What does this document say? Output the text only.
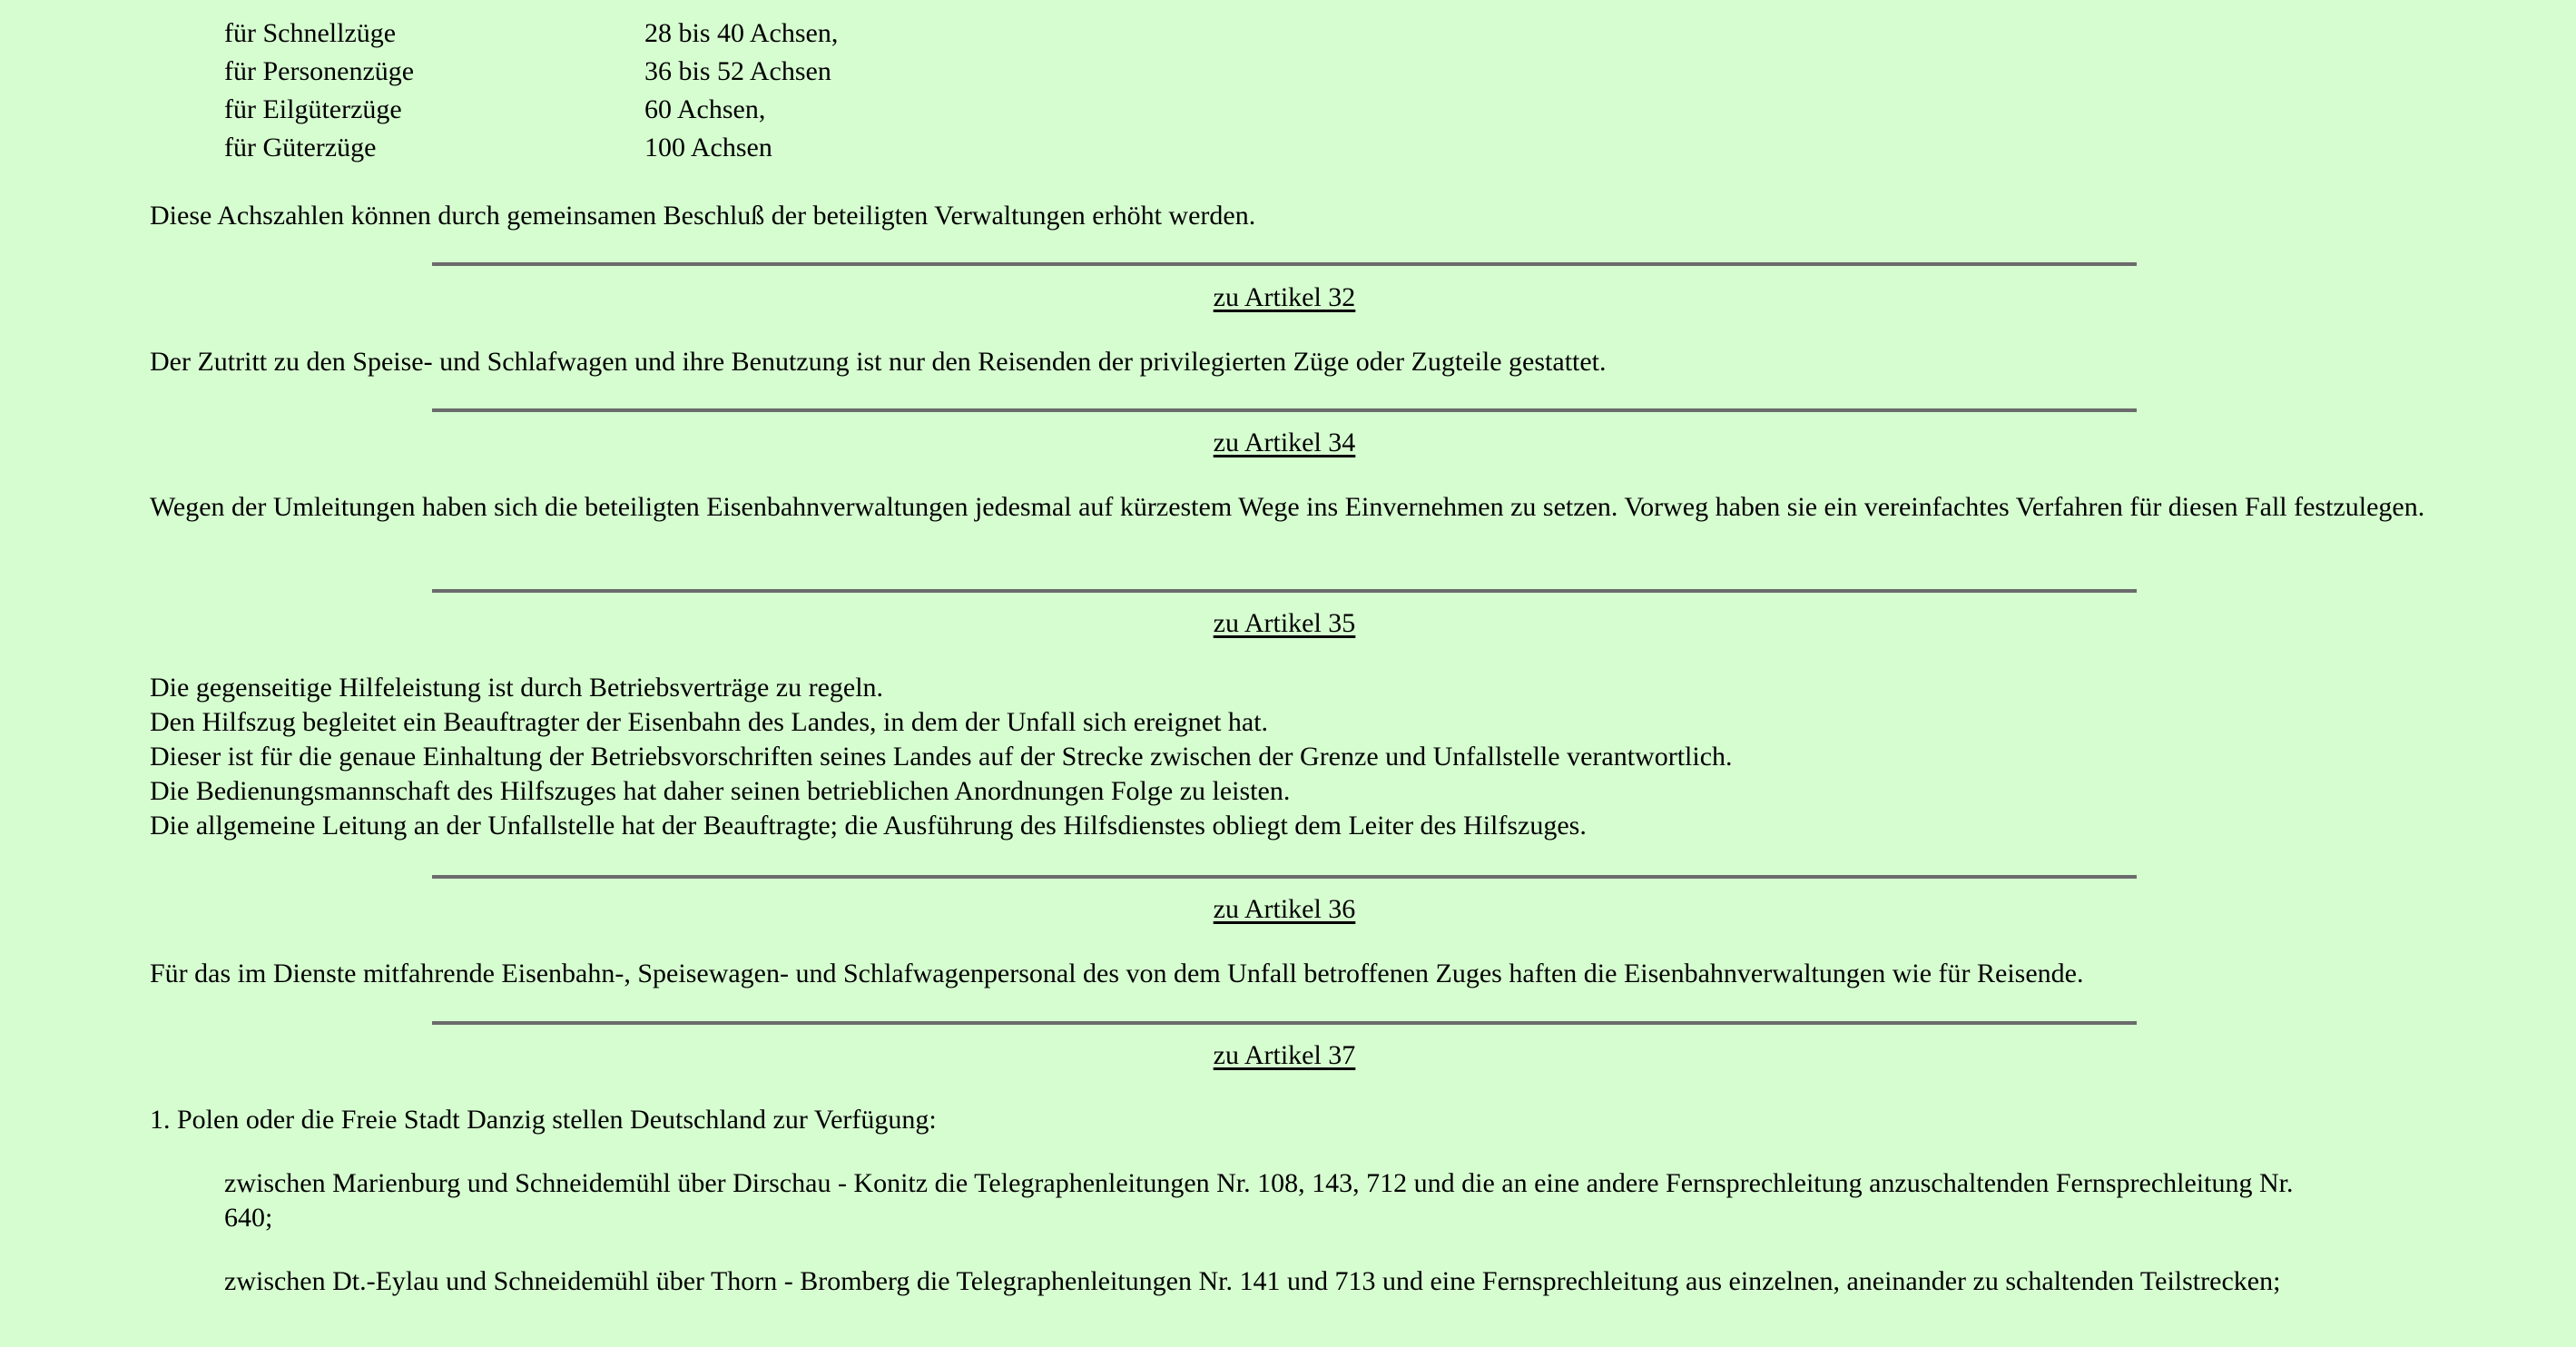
für Schnellzüge	28 bis 40 Achsen,
für Personenzüge	36 bis 52 Achsen
für Eilgüterzüge	60 Achsen,
für Güterzüge	100 Achsen

Diese Achszahlen können durch gemeinsamen Beschluß der beteiligten Verwaltungen erhöht werden.

zu Artikel 32

Der Zutritt zu den Speise- und Schlafwagen und ihre Benutzung ist nur den Reisenden der privilegierten Züge oder Zugteile gestattet.

zu Artikel 34

Wegen der Umleitungen haben sich die beteiligten Eisenbahnverwaltungen jedesmal auf kürzestem Wege ins Einvernehmen zu setzen. Vorweg haben sie ein vereinfachtes Verfahren für diesen Fall festzulegen.

zu Artikel 35
Die gegenseitige Hilfeleistung ist durch Betriebsverträge zu regeln.
Den Hilfszug begleitet ein Beauftragter der Eisenbahn des Landes, in dem der Unfall sich ereignet hat.
Dieser ist für die genaue Einhaltung der Betriebsvorschriften seines Landes auf der Strecke zwischen der Grenze und Unfallstelle verantwortlich.
Die Bedienungsmannschaft des Hilfszuges hat daher seinen betrieblichen Anordnungen Folge zu leisten.
Die allgemeine Leitung an der Unfallstelle hat der Beauftragte; die Ausführung des Hilfsdienstes obliegt dem Leiter des Hilfszuges.
zu Artikel 36

Für das im Dienste mitfahrende Eisenbahn-, Speisewagen- und Schlafwagenpersonal des von dem Unfall betroffenen Zuges haften die Eisenbahnverwaltungen wie für Reisende.

zu Artikel 37

1. Polen oder die Freie Stadt Danzig stellen Deutschland zur Verfügung:

zwischen Marienburg und Schneidemühl über Dirschau - Konitz die Telegraphenleitungen Nr. 108, 143, 712 und die an eine andere Fernsprechleitung anzuschaltenden Fernsprechleitung Nr. 640;

zwischen Dt.-Eylau und Schneidemühl über Thorn - Bromberg die Telegraphenleitungen Nr. 141 und 713 und eine Fernsprechleitung aus einzelnen, aneinander zu schaltenden Teilstrecken;
